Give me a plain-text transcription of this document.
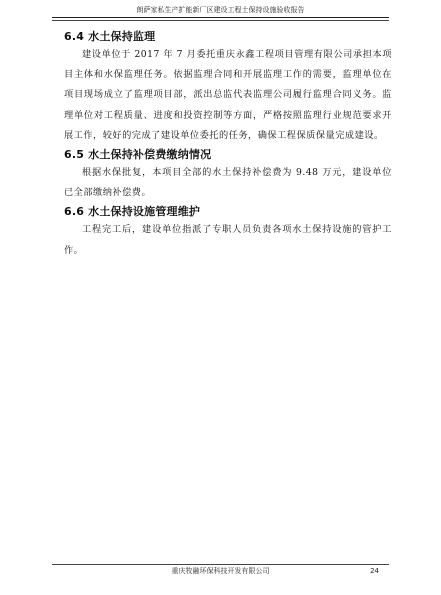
朗萨家私生产扩能新厂区建设工程土保持设施验收报告
6.4 水土保持监理

建设单位于 2017 年 7 月委托重庆永鑫工程项目管理有限公司承担本项目主体和水保监理任务。依据监理合同和开展监理工作的需要，监理单位在项目现场成立了监理项目部，派出总监代表监理公司履行监理合同义务。监理单位对工程质量、进度和投资控制等方面，严格按照监理行业规范要求开展工作，较好的完成了建设单位委托的任务，确保工程保质保量完成建设。

6.5 水土保持补偿费缴纳情况

根据水保批复，本项目全部的水土保持补偿费为 9.48 万元，建设单位已全部缴纳补偿费。

6.6 水土保持设施管理维护

工程完工后，建设单位指派了专职人员负责各项水土保持设施的管护工作。

重庆牧融环保科技开发有限公司	24
